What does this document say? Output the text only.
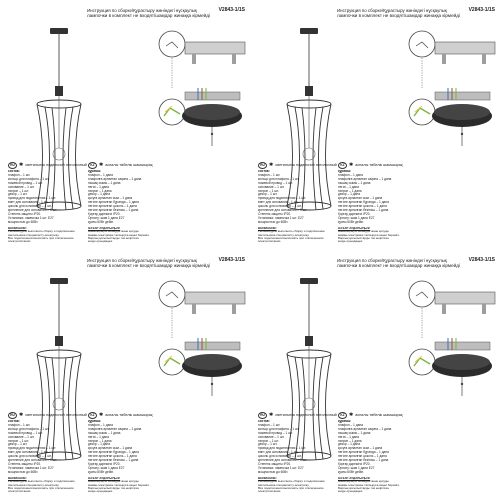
Инструкция по сборке/Құрастыру жөніндегі нұсқаулық	V2843-1/1S
лампочки в комплект не входят/шамдар жинаққа кірмейді
RU ✱ светильник подвесной потолочный	KZ ✱ аспалы төбелік шамшырақ
состав:
плафон – 1 шт.
кольцо для плафона – 1 шт.
ножевой провод – 1 шт.
основание – 1 шт.
патрон – 1 шт.
декор – 1 шт.
провод для подключения – 1 шт.
винт для основания – 1 шт.
цоколь для основания – 1 шт.
крепление для основания – 1 шт.
Степень защиты IP20.
Установка: лампочка 1 шт. Е27
мощностью до 60Вт.
құрамы:
плафон – 1 дана
плафонға арналған сақина – 1 дана
пышақ сымы – 1 дана
негізі – 1 дана
патрон – 1 дана
декор – 1 дана
қосуға арналған сым – 1 дана
негізге арналған бұранда – 1 дана
негізге арналған цоколь – 1 дана
негізге арналған бекіткіш – 1 дана
Қорғау дәрежесі IP20.
Орнату: шам 1 дана Е27
қуаты 60Вт дейін.
ВНИМАНИЕ!
Рекомендуем выполнять сборку и подключение
светильника специалисту-электрику.
Все подключения выполнять при отключенном
электропитании.
НАЗАР АУДАРЫҢЫЗ!
Шамшырақты жинауды және қосуды
маман-электрикке тапсыруға кеңес береміз.
Барлық қосылыстарды ток өшірілген
кезде орындаңыз.
Инструкция по сборке/Құрастыру жөніндегі нұсқаулық	V2843-1/1S
лампочки в комплект не входят/шамдар жинаққа кірмейді
RU ✱ светильник подвесной потолочный	KZ ✱ аспалы төбелік шамшырақ
состав:
плафон – 1 шт.
кольцо для плафона – 1 шт.
ножевой провод – 1 шт.
основание – 1 шт.
патрон – 1 шт.
декор – 1 шт.
провод для подключения – 1 шт.
винт для основания – 1 шт.
цоколь для основания – 1 шт.
крепление для основания – 1 шт.
Степень защиты IP20.
Установка: лампочка 1 шт. Е27
мощностью до 60Вт.
құрамы:
плафон – 1 дана
плафонға арналған сақина – 1 дана
пышақ сымы – 1 дана
негізі – 1 дана
патрон – 1 дана
декор – 1 дана
қосуға арналған сым – 1 дана
негізге арналған бұранда – 1 дана
негізге арналған цоколь – 1 дана
негізге арналған бекіткіш – 1 дана
Қорғау дәрежесі IP20.
Орнату: шам 1 дана Е27
қуаты 60Вт дейін.
ВНИМАНИЕ!
Рекомендуем выполнять сборку и подключение
светильника специалисту-электрику.
Все подключения выполнять при отключенном
электропитании.
НАЗАР АУДАРЫҢЫЗ!
Шамшырақты жинауды және қосуды
маман-электрикке тапсыруға кеңес береміз.
Барлық қосылыстарды ток өшірілген
кезде орындаңыз.
Инструкция по сборке/Құрастыру жөніндегі нұсқаулық	V2843-1/1S
лампочки в комплект не входят/шамдар жинаққа кірмейді
RU ✱ светильник подвесной потолочный	KZ ✱ аспалы төбелік шамшырақ
состав:
плафон – 1 шт.
кольцо для плафона – 1 шт.
ножевой провод – 1 шт.
основание – 1 шт.
патрон – 1 шт.
декор – 1 шт.
провод для подключения – 1 шт.
винт для основания – 1 шт.
цоколь для основания – 1 шт.
крепление для основания – 1 шт.
Степень защиты IP20.
Установка: лампочка 1 шт. Е27
мощностью до 60Вт.
құрамы:
плафон – 1 дана
плафонға арналған сақина – 1 дана
пышақ сымы – 1 дана
негізі – 1 дана
патрон – 1 дана
декор – 1 дана
қосуға арналған сым – 1 дана
негізге арналған бұранда – 1 дана
негізге арналған цоколь – 1 дана
негізге арналған бекіткіш – 1 дана
Қорғау дәрежесі IP20.
Орнату: шам 1 дана Е27
қуаты 60Вт дейін.
ВНИМАНИЕ!
Рекомендуем выполнять сборку и подключение
светильника специалисту-электрику.
Все подключения выполнять при отключенном
электропитании.
НАЗАР АУДАРЫҢЫЗ!
Шамшырақты жинауды және қосуды
маман-электрикке тапсыруға кеңес береміз.
Барлық қосылыстарды ток өшірілген
кезде орындаңыз.
Инструкция по сборке/Құрастыру жөніндегі нұсқаулық	V2843-1/1S
лампочки в комплект не входят/шамдар жинаққа кірмейді
RU ✱ светильник подвесной потолочный	KZ ✱ аспалы төбелік шамшырақ
состав:
плафон – 1 шт.
кольцо для плафона – 1 шт.
ножевой провод – 1 шт.
основание – 1 шт.
патрон – 1 шт.
декор – 1 шт.
провод для подключения – 1 шт.
винт для основания – 1 шт.
цоколь для основания – 1 шт.
крепление для основания – 1 шт.
Степень защиты IP20.
Установка: лампочка 1 шт. Е27
мощностью до 60Вт.
құрамы:
плафон – 1 дана
плафонға арналған сақина – 1 дана
пышақ сымы – 1 дана
негізі – 1 дана
патрон – 1 дана
декор – 1 дана
қосуға арналған сым – 1 дана
негізге арналған бұранда – 1 дана
негізге арналған цоколь – 1 дана
негізге арналған бекіткіш – 1 дана
Қорғау дәрежесі IP20.
Орнату: шам 1 дана Е27
қуаты 60Вт дейін.
ВНИМАНИЕ!
Рекомендуем выполнять сборку и подключение
светильника специалисту-электрику.
Все подключения выполнять при отключенном
электропитании.
НАЗАР АУДАРЫҢЫЗ!
Шамшырақты жинауды және қосуды
маман-электрикке тапсыруға кеңес береміз.
Барлық қосылыстарды ток өшірілген
кезде орындаңыз.
